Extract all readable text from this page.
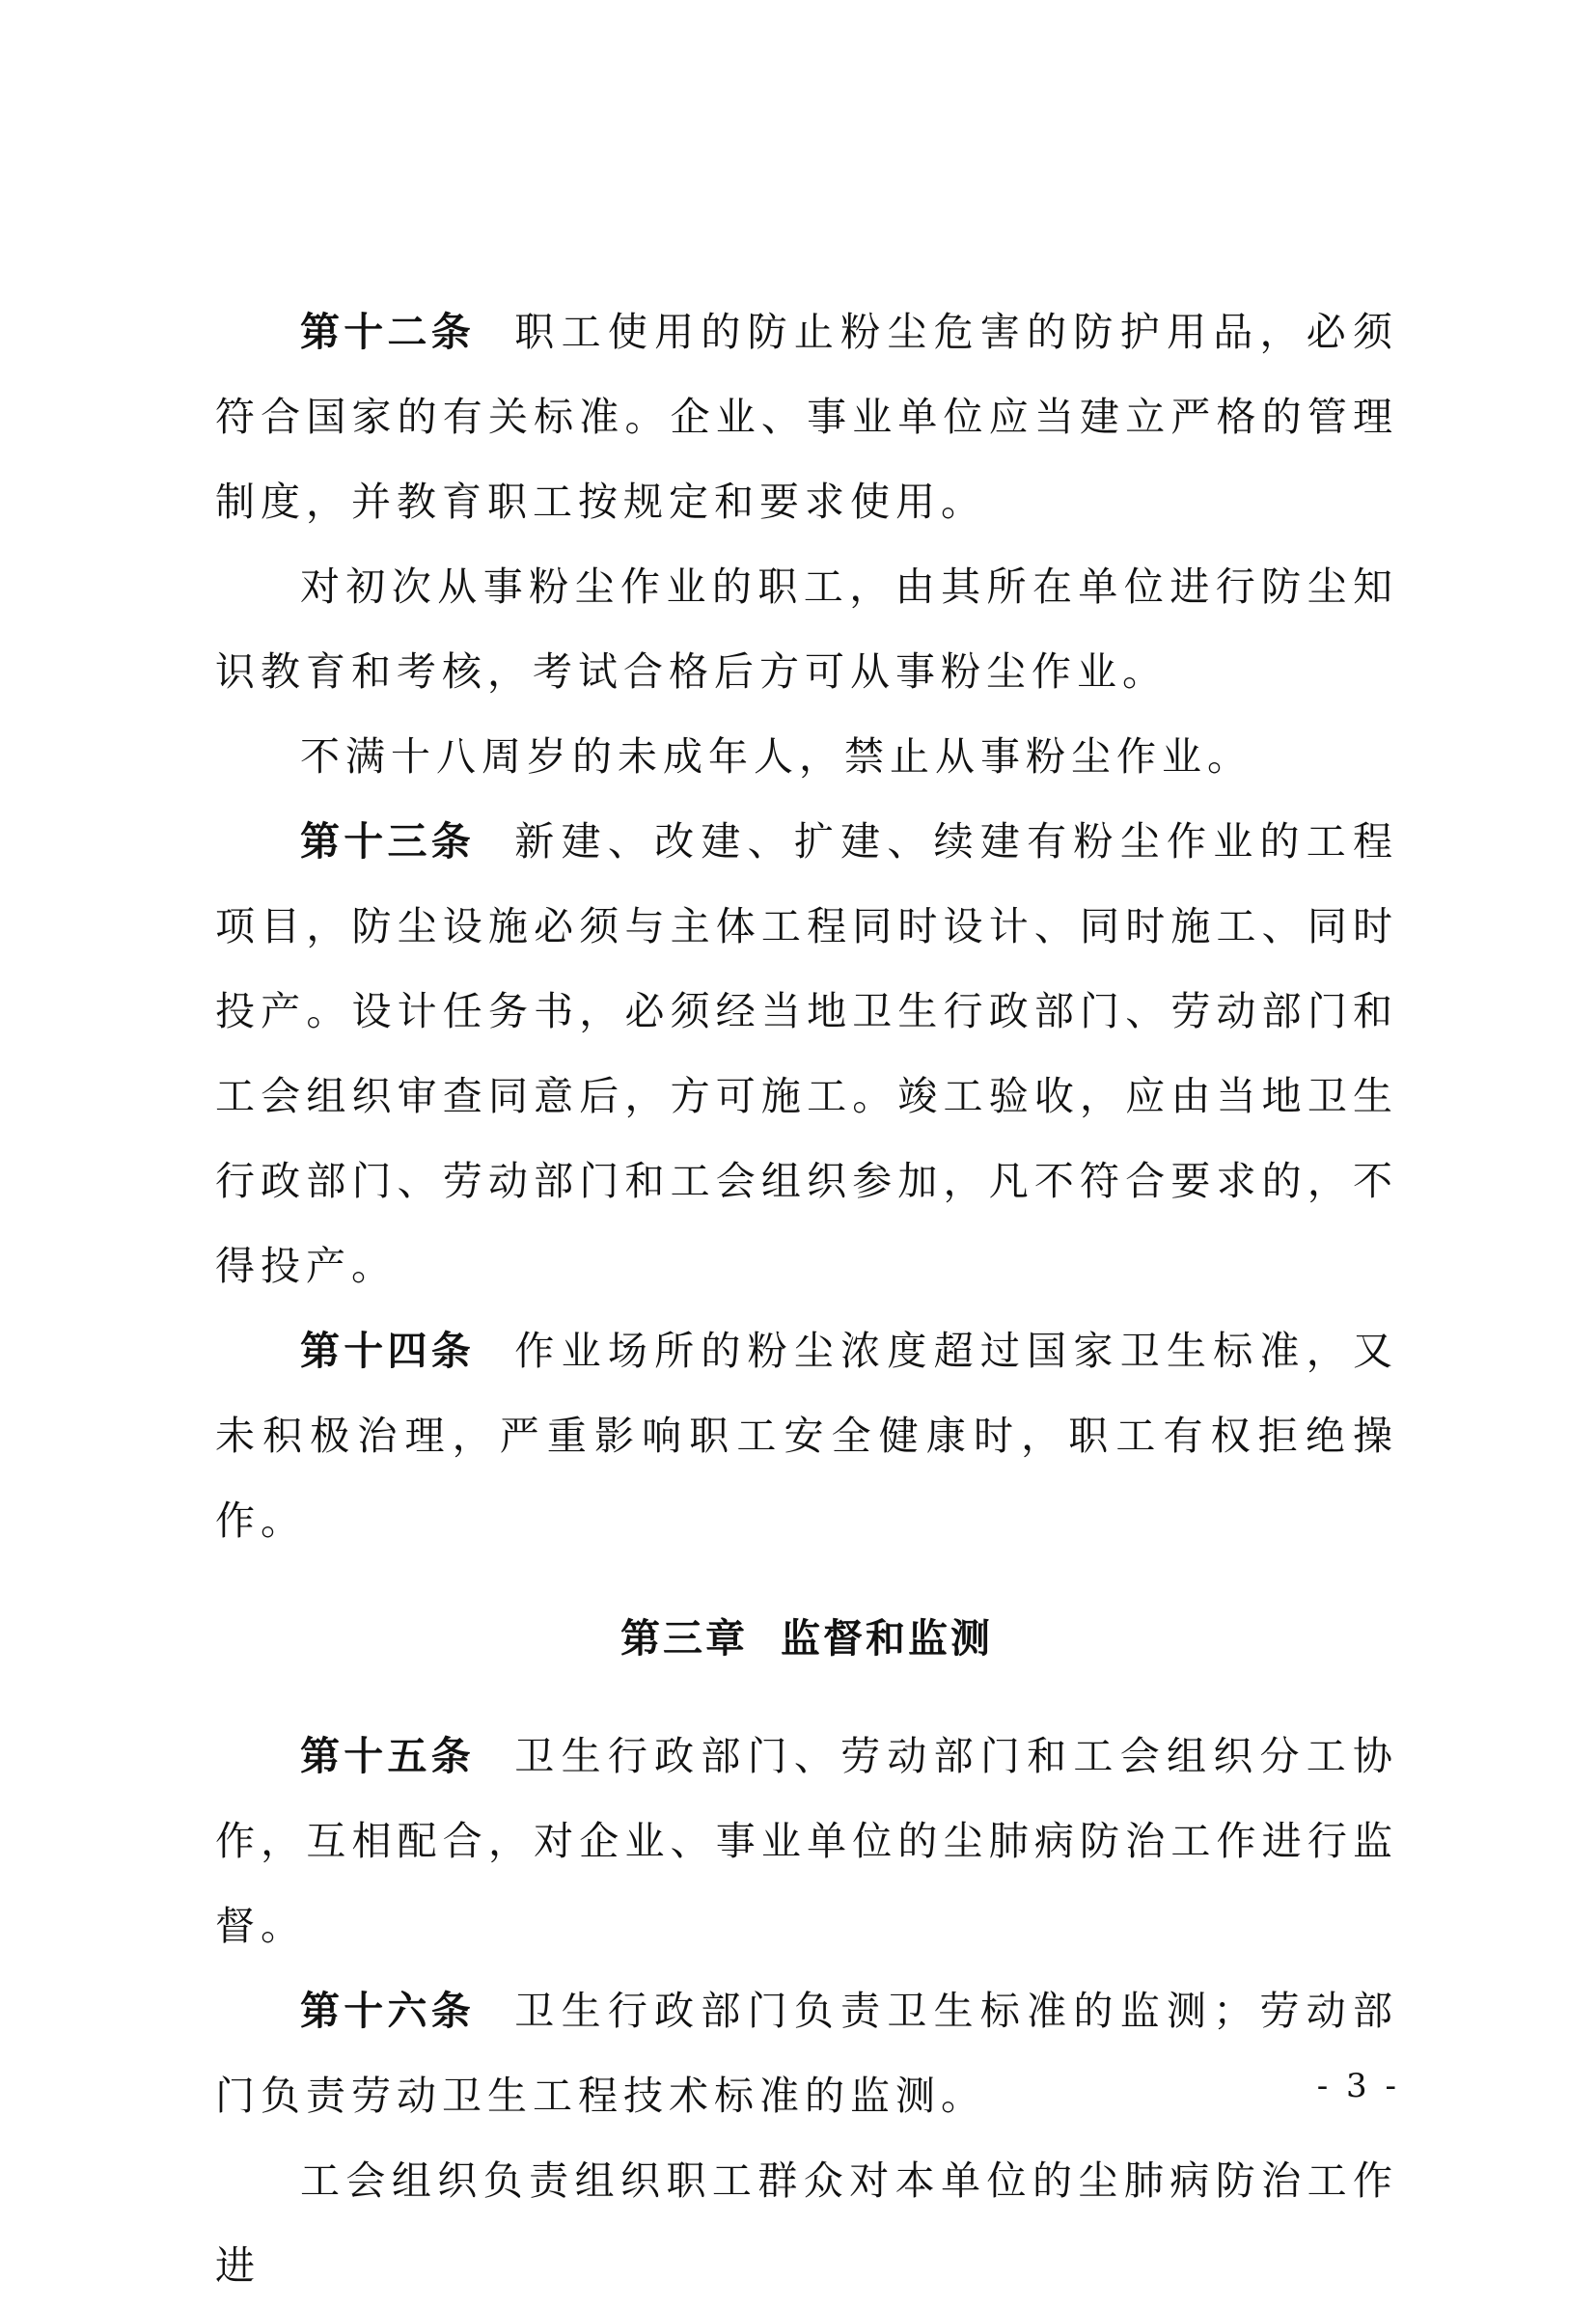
第十二条 职工使用的防止粉尘危害的防护用品，必须符合国家的有关标准。企业、事业单位应当建立严格的管理制度，并教育职工按规定和要求使用。

对初次从事粉尘作业的职工，由其所在单位进行防尘知识教育和考核，考试合格后方可从事粉尘作业。

不满十八周岁的未成年人，禁止从事粉尘作业。

第十三条 新建、改建、扩建、续建有粉尘作业的工程项目，防尘设施必须与主体工程同时设计、同时施工、同时投产。设计任务书，必须经当地卫生行政部门、劳动部门和工会组织审查同意后，方可施工。竣工验收，应由当地卫生行政部门、劳动部门和工会组织参加，凡不符合要求的，不得投产。

第十四条 作业场所的粉尘浓度超过国家卫生标准，又未积极治理，严重影响职工安全健康时，职工有权拒绝操作。

第三章 监督和监测

第十五条 卫生行政部门、劳动部门和工会组织分工协作，互相配合，对企业、事业单位的尘肺病防治工作进行监督。

第十六条 卫生行政部门负责卫生标准的监测；劳动部门负责劳动卫生工程技术标准的监测。

工会组织负责组织职工群众对本单位的尘肺病防治工作进

- 3 -
